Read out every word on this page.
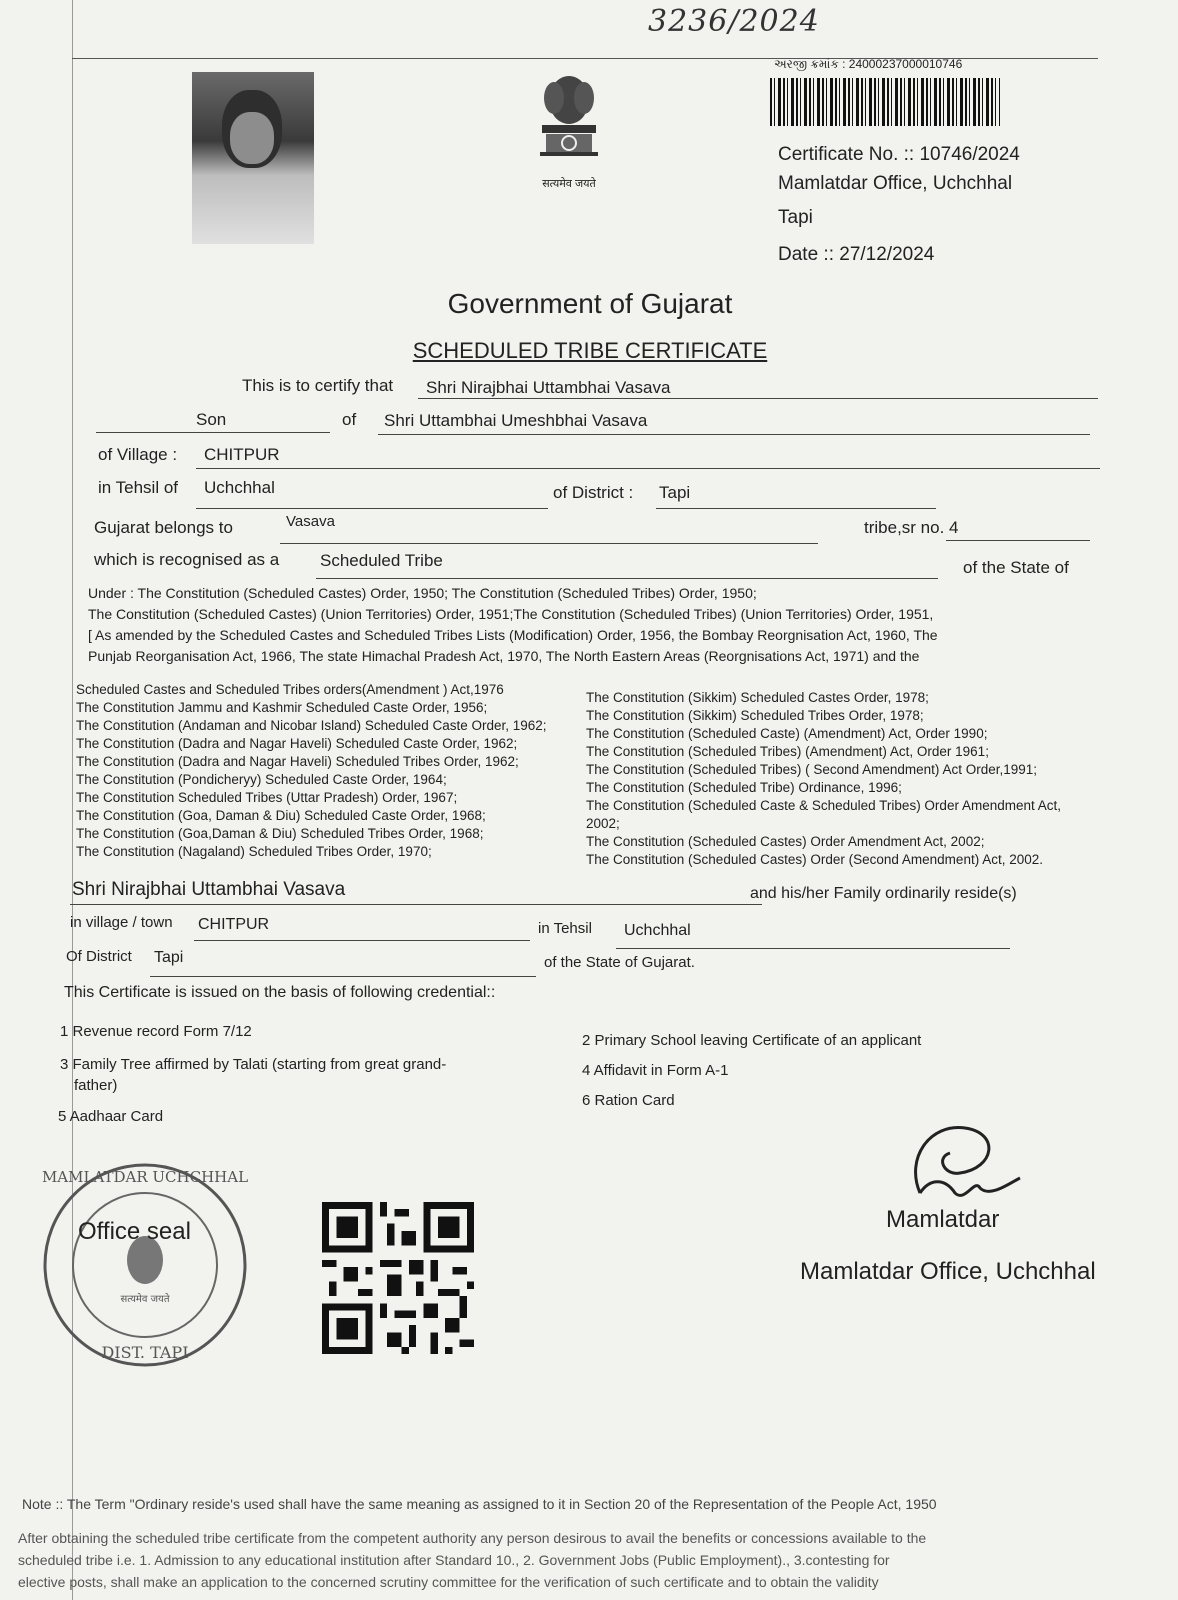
3236/2024
सत्यमेव जयते
અરજી ક્રમાંક : 24000237000010746
Certificate No. :: 10746/2024
Mamlatdar Office, Uchchhal
Tapi
Date :: 27/12/2024
Government of Gujarat
SCHEDULED TRIBE CERTIFICATE
This is to certify that Shri Nirajbhai Uttambhai Vasava
Son	of Shri Uttambhai Umeshbhai Vasava
of Village : CHITPUR
in Tehsil of Uchchhal	of District : Tapi
Gujarat belongs to	Vasava	tribe,sr no. 4
which is recognised as a Scheduled Tribe	of the State of
Under : The Constitution (Scheduled Castes) Order, 1950; The Constitution (Scheduled Tribes) Order, 1950;
The Constitution (Scheduled Castes) (Union Territories) Order, 1951;The Constitution (Scheduled Tribes) (Union Territories) Order, 1951,
[ As amended by the Scheduled Castes and Scheduled Tribes Lists (Modification) Order, 1956, the Bombay Reorgnisation Act, 1960, The
Punjab Reorganisation Act, 1966, The state Himachal Pradesh Act, 1970, The North Eastern Areas (Reorgnisations Act, 1971) and the
Scheduled Castes and Scheduled Tribes orders(Amendment ) Act,1976
The Constitution Jammu and Kashmir Scheduled Caste Order, 1956;
The Constitution (Andaman and Nicobar Island) Scheduled Caste Order, 1962;
The Constitution (Dadra and Nagar Haveli) Scheduled Caste Order, 1962;
The Constitution (Dadra and Nagar Haveli) Scheduled Tribes Order, 1962;
The Constitution (Pondicheryy) Scheduled Caste Order, 1964;
The Constitution Scheduled Tribes (Uttar Pradesh) Order, 1967;
The Constitution (Goa, Daman & Diu) Scheduled Caste Order, 1968;
The Constitution (Goa,Daman & Diu) Scheduled Tribes Order, 1968;
The Constitution (Nagaland) Scheduled Tribes Order, 1970;
The Constitution (Sikkim) Scheduled Castes Order, 1978;
The Constitution (Sikkim) Scheduled Tribes Order, 1978;
The Constitution (Scheduled Caste) (Amendment) Act, Order 1990;
The Constitution (Scheduled Tribes) (Amendment) Act, Order 1961;
The Constitution (Scheduled Tribes) ( Second Amendment) Act Order,1991;
The Constitution (Scheduled Tribe) Ordinance, 1996;
The Constitution (Scheduled Caste & Scheduled Tribes) Order Amendment Act,
2002;
The Constitution (Scheduled Castes) Order Amendment Act, 2002;
The Constitution (Scheduled Castes) Order (Second Amendment) Act, 2002.
Shri Nirajbhai Uttambhai Vasava	and his/her Family ordinarily reside(s)
in village / town CHITPUR	in Tehsil Uchchhal
Of District Tapi	of the State of Gujarat.
This Certificate is issued on the basis of following credential::
1 Revenue record Form 7/12
2 Primary School leaving Certificate of an applicant
3 Family Tree affirmed by Talati (starting from great grand-
father)
4 Affidavit in Form A-1
5 Aadhaar Card
6 Ration Card
MAMLATDAR UCHCHHAL
DIST. TAPI
सत्यमेव जयते
Office seal	Mamlatdar
Mamlatdar Office, Uchchhal
Note :: The Term "Ordinary reside's used shall have the same meaning as assigned to it in Section 20 of the Representation of the People Act, 1950
After obtaining the scheduled tribe certificate from the competent authority any person desirous to avail the benefits or concessions available to the
scheduled tribe i.e. 1. Admission to any educational institution after Standard 10., 2. Government Jobs (Public Employment)., 3.contesting for
elective posts, shall make an application to the concerned scrutiny committee for the verification of such certificate and to obtain the validity
